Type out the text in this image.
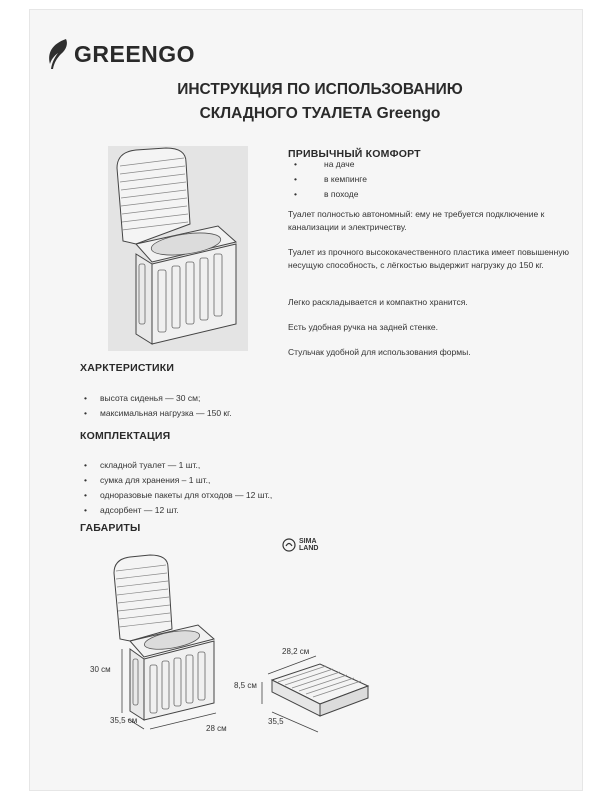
GREENGO
ИНСТРУКЦИЯ ПО ИСПОЛЬЗОВАНИЮ
СКЛАДНОГО ТУАЛЕТА Greengo
ПРИВЫЧНЫЙ КОМФОРТ
•	на даче
•	в кемпинге
•	в походе
Туалет полностью автономный: ему не требуется подключение к канализации и электричеству.
Туалет из прочного высококачественного пластика имеет повышенную несущую способность, с лёгкостью выдержит нагрузку до 150 кг.
Легко раскладывается и компактно хранится.
Есть удобная ручка на задней стенке.
Стульчак удобной для использования формы.
ХАРКТЕРИСТИКИ
• высота сиденья — 30 см;
• максимальная нагрузка — 150 кг.
КОМПЛЕКТАЦИЯ
• складной туалет — 1 шт.,
• сумка для хранения – 1 шт.,
• одноразовые пакеты для отходов — 12 шт.,
• адсорбент — 12 шт.
ГАБАРИТЫ
SIMA
LAND
30 см
35,5 см
28 см
28,2 см
8,5 см
35,5
